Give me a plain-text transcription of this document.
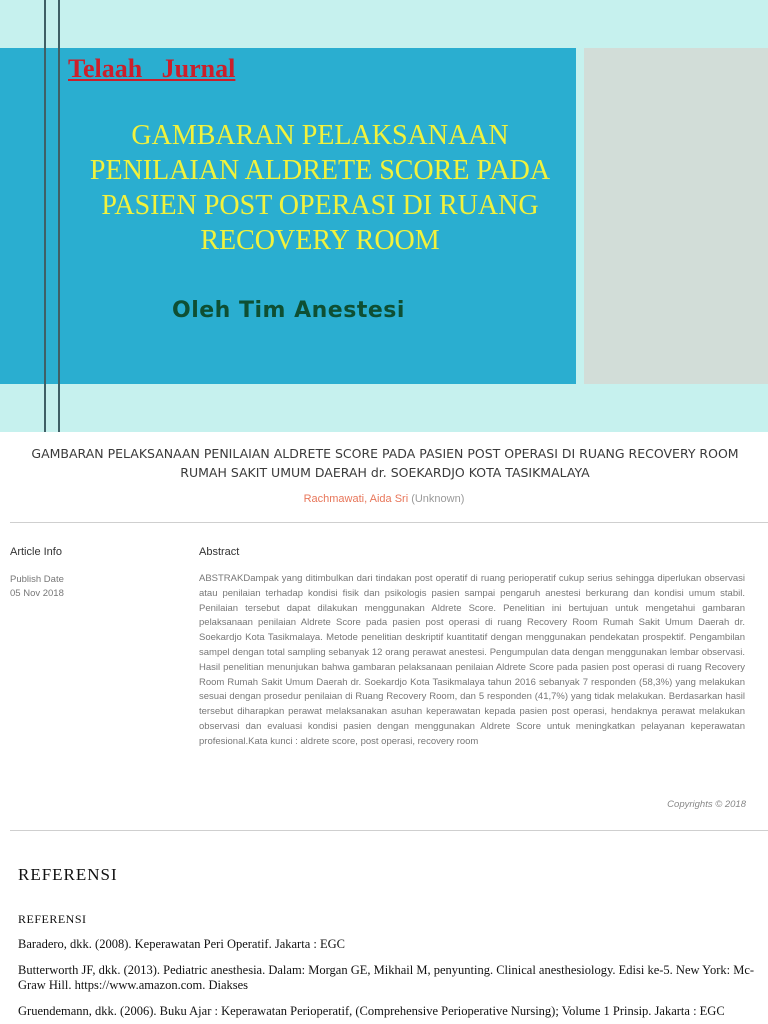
Telaah   Jurnal
GAMBARAN PELAKSANAAN PENILAIAN ALDRETE SCORE PADA PASIEN POST OPERASI DI RUANG RECOVERY ROOM
Oleh Tim Anestesi
GAMBARAN PELAKSANAAN PENILAIAN ALDRETE SCORE PADA PASIEN POST OPERASI DI RUANG RECOVERY ROOM RUMAH SAKIT UMUM DAERAH dr. SOEKARDJO KOTA TASIKMALAYA
Rachmawati, Aida Sri (Unknown)
Article Info	Abstract
Publish Date
05 Nov 2018
ABSTRAKDampak yang ditimbulkan dari tindakan post operatif di ruang perioperatif cukup serius sehingga diperlukan observasi atau penilaian terhadap kondisi fisik dan psikologis pasien sampai pengaruh anestesi berkurang dan kondisi umum stabil. Penilaian tersebut dapat dilakukan menggunakan Aldrete Score. Penelitian ini bertujuan untuk mengetahui gambaran pelaksanaan penilaian Aldrete Score pada pasien post operasi di ruang Recovery Room Rumah Sakit Umum Daerah dr. Soekardjo Kota Tasikmalaya. Metode penelitian deskriptif kuantitatif dengan menggunakan pendekatan prospektif. Pengambilan sampel dengan total sampling sebanyak 12 orang perawat anestesi. Pengumpulan data dengan menggunakan lembar observasi. Hasil penelitian menunjukan bahwa gambaran pelaksanaan penilaian Aldrete Score pada pasien post operasi di ruang Recovery Room Rumah Sakit Umum Daerah dr. Soekardjo Kota Tasikmalaya tahun 2016 sebanyak 7 responden (58,3%) yang melakukan sesuai dengan prosedur penilaian di Ruang Recovery Room, dan 5 responden (41,7%) yang tidak melakukan. Berdasarkan hasil tersebut diharapkan perawat melaksanakan asuhan keperawatan kepada pasien post operasi, hendaknya perawat melakukan observasi dan evaluasi kondisi pasien dengan menggunakan Aldrete Score untuk meningkatkan pelayanan keperawatan profesional.Kata kunci : aldrete score, post operasi, recovery room
Copyrights © 2018
REFERENSI
REFERENSI
Baradero, dkk. (2008). Keperawatan Peri Operatif. Jakarta : EGC
Butterworth JF, dkk. (2013). Pediatric anesthesia. Dalam: Morgan GE, Mikhail M, penyunting. Clinical anesthesiology. Edisi ke-5. New York: Mc- Graw Hill. https://www.amazon.com. Diakses
Gruendemann, dkk. (2006). Buku Ajar : Keperawatan Perioperatif, (Comprehensive Perioperative Nursing); Volume 1 Prinsip. Jakarta : EGC
